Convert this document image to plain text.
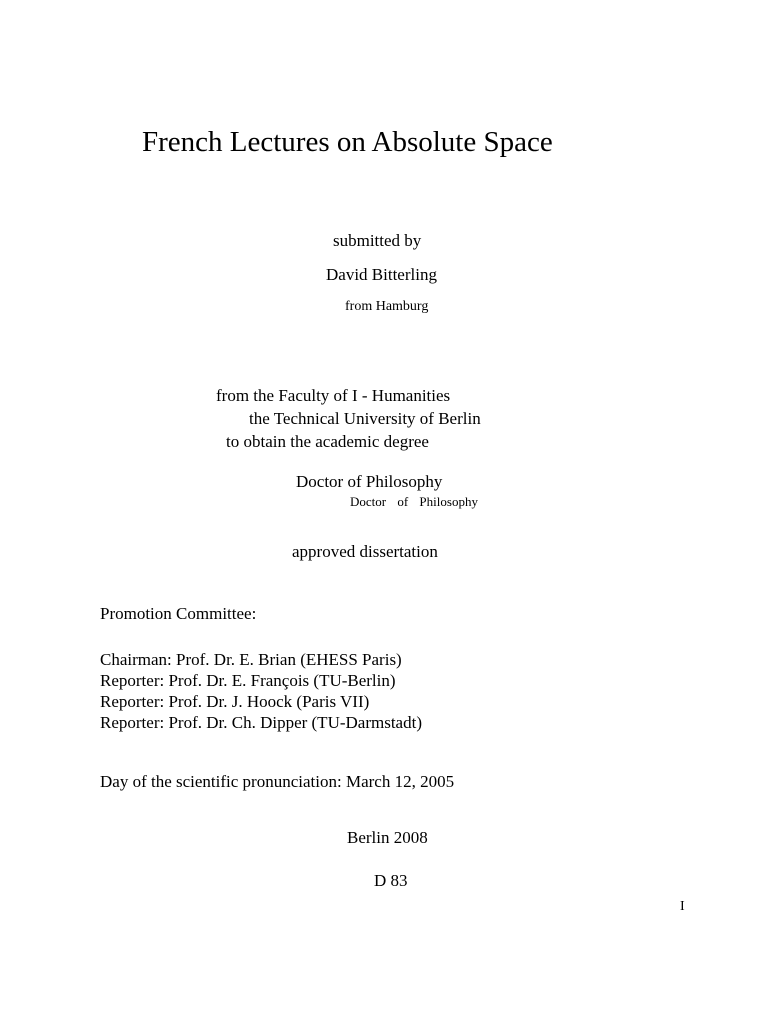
French Lectures on Absolute Space

submitted by

David Bitterling

from Hamburg

from the Faculty of I - Humanities

the Technical University of Berlin

to obtain the academic degree

Doctor of Philosophy

Doctor of Philosophy

approved dissertation

Promotion Committee:

Chairman: Prof. Dr. E. Brian (EHESS Paris)
Reporter: Prof. Dr. E. François (TU-Berlin)
Reporter: Prof. Dr. J. Hoock (Paris VII)
Reporter: Prof. Dr. Ch. Dipper (TU-Darmstadt)

Day of the scientific pronunciation: March 12, 2005

Berlin 2008

D 83

I
